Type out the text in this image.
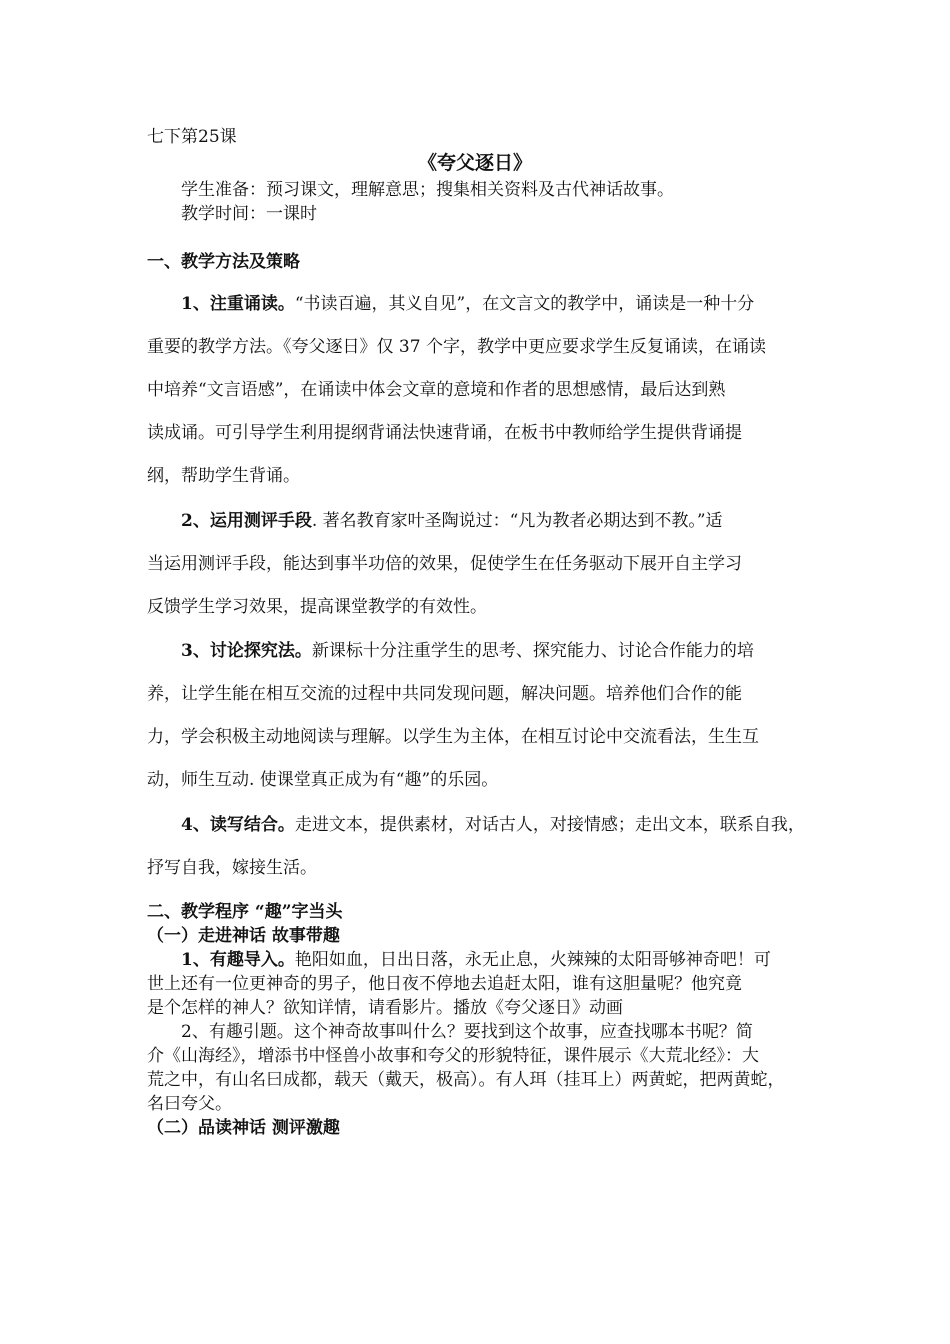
七下第25课
《夸父逐日》
学生准备：预习课文，理解意思；搜集相关资料及古代神话故事。
教学时间：一课时
一、教学方法及策略
1、注重诵读。“书读百遍，其义自见”，在文言文的教学中，诵读是一种十分
重要的教学方法。《夸父逐日》仅 37 个字，教学中更应要求学生反复诵读，在诵读
中培养“文言语感”，在诵读中体会文章的意境和作者的思想感情，最后达到熟
读成诵。可引导学生利用提纲背诵法快速背诵，在板书中教师给学生提供背诵提
纲，帮助学生背诵。
2、运用测评手段. 著名教育家叶圣陶说过：“凡为教者必期达到不教。”适
当运用测评手段，能达到事半功倍的效果，促使学生在任务驱动下展开自主学习
反馈学生学习效果，提高课堂教学的有效性。
3、讨论探究法。新课标十分注重学生的思考、探究能力、讨论合作能力的培
养，让学生能在相互交流的过程中共同发现问题，解决问题。培养他们合作的能
力，学会积极主动地阅读与理解。以学生为主体，在相互讨论中交流看法，生生互
动，师生互动. 使课堂真正成为有“趣”的乐园。
4、读写结合。走进文本，提供素材，对话古人，对接情感；走出文本，联系自我，
抒写自我，嫁接生活。
二、教学程序 “趣”字当头
（一）走进神话 故事带趣
1、有趣导入。艳阳如血，日出日落，永无止息，火辣辣的太阳哥够神奇吧！可
世上还有一位更神奇的男子，他日夜不停地去追赶太阳，谁有这胆量呢？他究竟
是个怎样的神人？欲知详情，请看影片。播放《夸父逐日》动画
2、有趣引题。这个神奇故事叫什么？要找到这个故事，应查找哪本书呢？简
介《山海经》，增添书中怪兽小故事和夸父的形貌特征，课件展示《大荒北经》：大
荒之中，有山名曰成都，载天（戴天，极高）。有人珥（挂耳上）两黄蛇，把两黄蛇，
名曰夸父。
（二）品读神话 测评激趣
